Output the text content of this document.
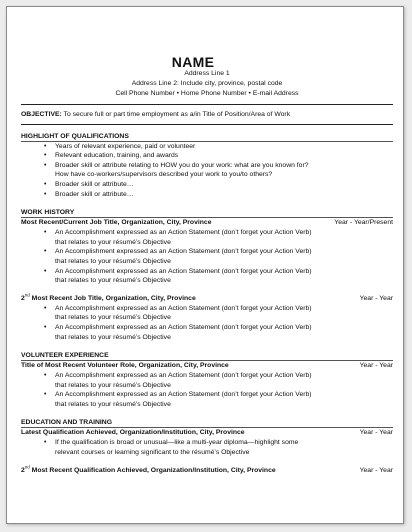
NAME
Address Line 1
Address Line 2: Include city, province, postal code
Cell Phone Number • Home Phone Number • E-mail Address
OBJECTIVE: To secure full or part time employment as a/in Title of Position/Area of Work
HIGHLIGHT OF QUALIFICATIONS
• Years of relevant experience, paid or volunteer
• Relevant education, training, and awards
• Broader skill or attribute relating to HOW you do your work: what are you known for?
How have co-workers/supervisors described your work to you/to others?
• Broader skill or attribute…
• Broader skill or attribute…
WORK HISTORY
Most Recent/Current Job Title, Organization, City, Province	Year - Year/Present
• An Accomplishment expressed as an Action Statement (don’t forget your Action Verb)
that relates to your résumé’s Objective
• An Accomplishment expressed as an Action Statement (don’t forget your Action Verb)
that relates to your résumé’s Objective
• An Accomplishment expressed as an Action Statement (don’t forget your Action Verb)
that relates to your résumé’s Objective
2nd Most Recent Job Title, Organization, City, Province	Year - Year
• An Accomplishment expressed as an Action Statement (don’t forget your Action Verb)
that relates to your résumé’s Objective
• An Accomplishment expressed as an Action Statement (don’t forget your Action Verb)
that relates to your résumé’s Objective
VOLUNTEER EXPERIENCE
Title of Most Recent Volunteer Role, Organization, City, Province	Year - Year
• An Accomplishment expressed as an Action Statement (don’t forget your Action Verb)
that relates to your résumé’s Objective
• An Accomplishment expressed as an Action Statement (don’t forget your Action Verb)
that relates to your résumé’s Objective
EDUCATION AND TRAINING
Latest Qualification Achieved, Organization/Institution, City, Province	Year - Year
• If the qualification is broad or unusual—like a multi-year diploma—highlight some
relevant courses or learning significant to the résumé’s Objective
2nd Most Recent Qualification Achieved, Organization/Institution, City, Province	Year - Year
